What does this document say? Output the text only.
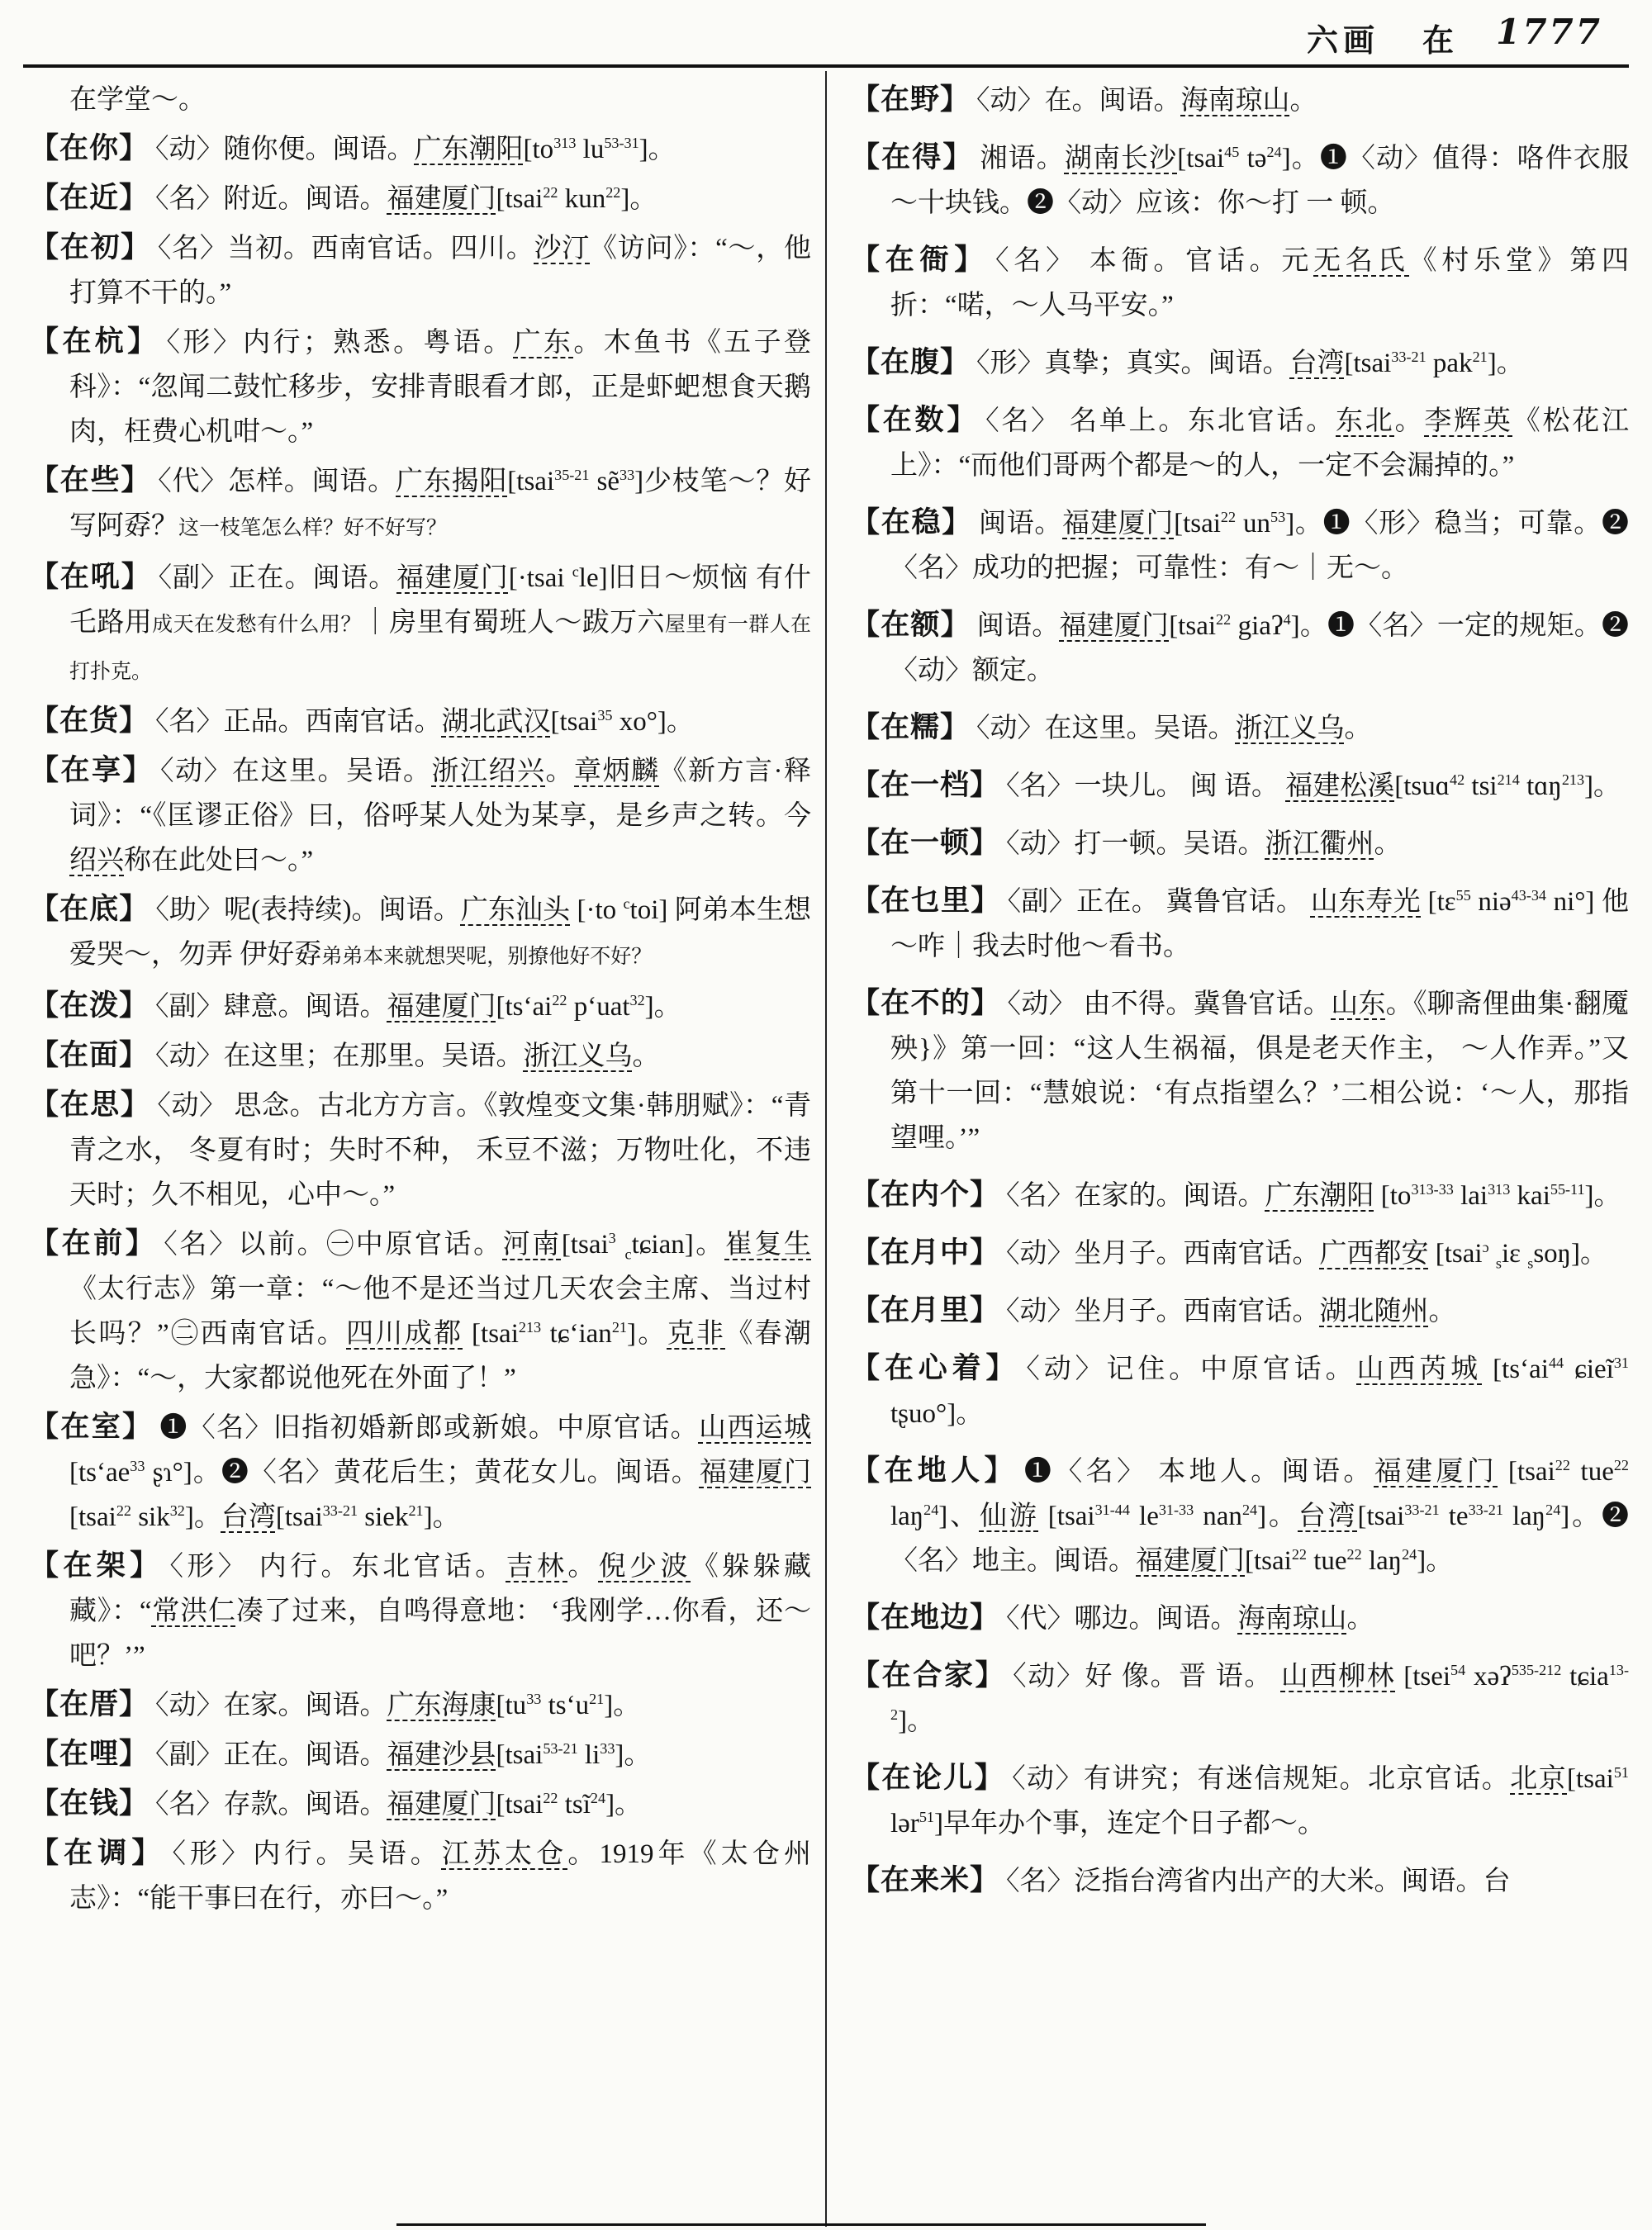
六画 在 1777
在学堂～。
【在你】 〈动〉随你便。闽语。广东潮阳[$to^{313}$ $lu^{53-31}$]。
【在近】 〈名〉附近。闽语。福建厦门[tsai$^{22}$ kun$^{22}$]。
【在初】 〈名〉当初。西南官话。四川。沙汀《访问》：“～，他打算不干的。”
【在杭】 〈形〉内行；熟悉。粤语。广东。木鱼书《五子登科》：“忽闻二鼓忙移步，安排青眼看才郎，正是虾蚆想食天鹅肉，枉费心机咁～。”
【在些】 〈代〉怎样。闽语。广东揭阳[tsai$^{35-21}$ sẽ$^{33}$]少枝笔～？好写阿孬？这一枝笔怎么样？好不好写？
【在吼】 〈副〉正在。闽语。福建厦门[·tsai $^c$le]旧日～烦恼 有什乇路用成天在发愁有什么用？｜房里有蜀班人～跋万六屋里有一群人在打扑克。
【在货】 〈名〉正品。西南官话。湖北武汉[tsai$^{35}$ xo°]。
【在享】 〈动〉在这里。吴语。浙江绍兴。章炳麟《新方言·释词》：“《匡谬正俗》曰，俗呼某人处为某享，是乡声之转。今绍兴称在此处曰～。”
【在底】 〈助〉呢(表持续)。闽语。广东汕头 [·to $^c$toi] 阿弟本生想爱哭～，勿弄 伊好孬弟弟本来就想哭呢，别撩他好不好？
【在泼】 〈副〉肆意。闽语。福建厦门[$ts‘ai^{22}$ p‘uat$^{32}$]。
【在面】 〈动〉在这里；在那里。吴语。浙江义乌。
【在思】 〈动〉 思念。古北方方言。《敦煌变文集·韩朋赋》：“青青之水， 冬夏有时；失时不种， 禾豆不滋；万物吐化，不违天时；久不相见，心中～。”
【在前】 〈名〉以前。㊀中原官话。河南[tsai$^3$ $_c$tɕian]。崔复生《太行志》第一章：“～他不是还当过几天农会主席、当过村长吗？”㊁西南官话。四川成都 [tsai$^{213}$ tɕ‘ian$^{21}$]。克非《春潮急》：“～，大家都说他死在外面了！”
【在室】 ❶〈名〉旧指初婚新郎或新娘。中原官话。山西运城[$ts‘ae^{33}$ ʂɿ°]。❷〈名〉黄花后生；黄花女儿。闽语。福建厦门[tsai$^{22}$ sik$^{32}$]。台湾[tsai$^{33-21}$ siek$^{21}$]。
【在架】 〈形〉 内行。东北官话。吉林。倪少波《躲躲藏藏》：“常洪仁凑了过来，自鸣得意地： ‘我刚学…你看，还～吧？’”
【在厝】 〈动〉在家。闽语。广东海康[$tu^{33}$ $ts‘u^{21}$]。
【在哩】 〈副〉正在。闽语。福建沙县[tsai$^{53-21}$ $li^{33}$]。
【在钱】 〈名〉存款。闽语。福建厦门[tsai$^{22}$ tsĩ$^{24}$]。
【在调】 〈形〉内行。吴语。江苏太仓。1919年《太仓州志》：“能干事曰在行，亦曰～。”
【在野】 〈动〉在。闽语。海南琼山。
【在得】 湘语。湖南长沙[tsai$^{45}$ tə$^{24}$]。❶〈动〉值得：咯件衣服～十块钱。❷〈动〉应该：你～打 一 顿。
【在衙】 〈名〉 本衙。官话。元无名氏《村乐堂》第四折：“喏，～人马平安。”
【在腹】 〈形〉真挚；真实。闽语。台湾[tsai$^{33-21}$ pak$^{21}$]。
【在数】 〈名〉 名单上。东北官话。东北。李辉英《松花江上》：“而他们哥两个都是～的人，一定不会漏掉的。”
【在稳】 闽语。福建厦门[tsai$^{22}$ $un^{53}$]。❶〈形〉稳当；可靠。❷〈名〉成功的把握；可靠性：有～｜无～。
【在额】 闽语。福建厦门[tsai$^{22}$ giaʔ$^4$]。❶〈名〉一定的规矩。❷〈动〉额定。
【在糯】 〈动〉在这里。吴语。浙江义乌。
【在一档】 〈名〉一块儿。 闽 语。 福建松溪[tsuɑ$^{42}$ tsi$^{214}$ tɑŋ$^{213}$]。
【在一顿】 〈动〉打一顿。吴语。浙江衢州。
【在乜里】 〈副〉正在。 冀鲁官话。 山东寿光 [tɛ$^{55}$ niə$^{43-34}$ ni°] 他～咋｜我去时他～看书。
【在不的】 〈动〉 由不得。冀鲁官话。山东。《聊斋俚曲集·翻魇殃}》第一回：“这人生祸福，俱是老天作主， ～人作弄。”又第十一回：“慧娘说：‘有点指望么？’二相公说：‘～人，那指望哩。’”
【在内个】 〈名〉在家的。闽语。广东潮阳 [$to^{313-33}$ lai$^{313}$ kai$^{55-11}$]。
【在月中】 〈动〉坐月子。西南官话。广西都安 [tsai$^ɔ$ $_s$iɛ $_s$soŋ]。
【在月里】 〈动〉坐月子。西南官话。湖北随州。
【在心着】 〈动〉记住。中原官话。山西芮城 [$ts‘ai^{44}$ ɕieĩ$^{31}$ tʂuo°]。
【在地人】 ❶〈名〉 本地人。闽语。福建厦门 [tsai$^{22}$ tue$^{22}$ laŋ$^{24}$]、仙游 [tsai$^{31-44}$ $le^{31-33}$ nan$^{24}$]。台湾[tsai$^{33-21}$ $te^{33-21}$ laŋ$^{24}$]。❷〈名〉地主。闽语。福建厦门[tsai$^{22}$ tue$^{22}$ laŋ$^{24}$]。
【在地边】 〈代〉哪边。闽语。海南琼山。
【在合家】 〈动〉好 像。晋 语。 山西柳林 [tsei$^{54}$ xəʔ$^{535-212}$ tɕia$^{13-2}$]。
【在论儿】 〈动〉有讲究；有迷信规矩。北京官话。北京[tsai$^{51}$ lər$^{51}$]早年办个事，连定个日子都～。
【在来米】 〈名〉泛指台湾省内出产的大米。闽语。台
